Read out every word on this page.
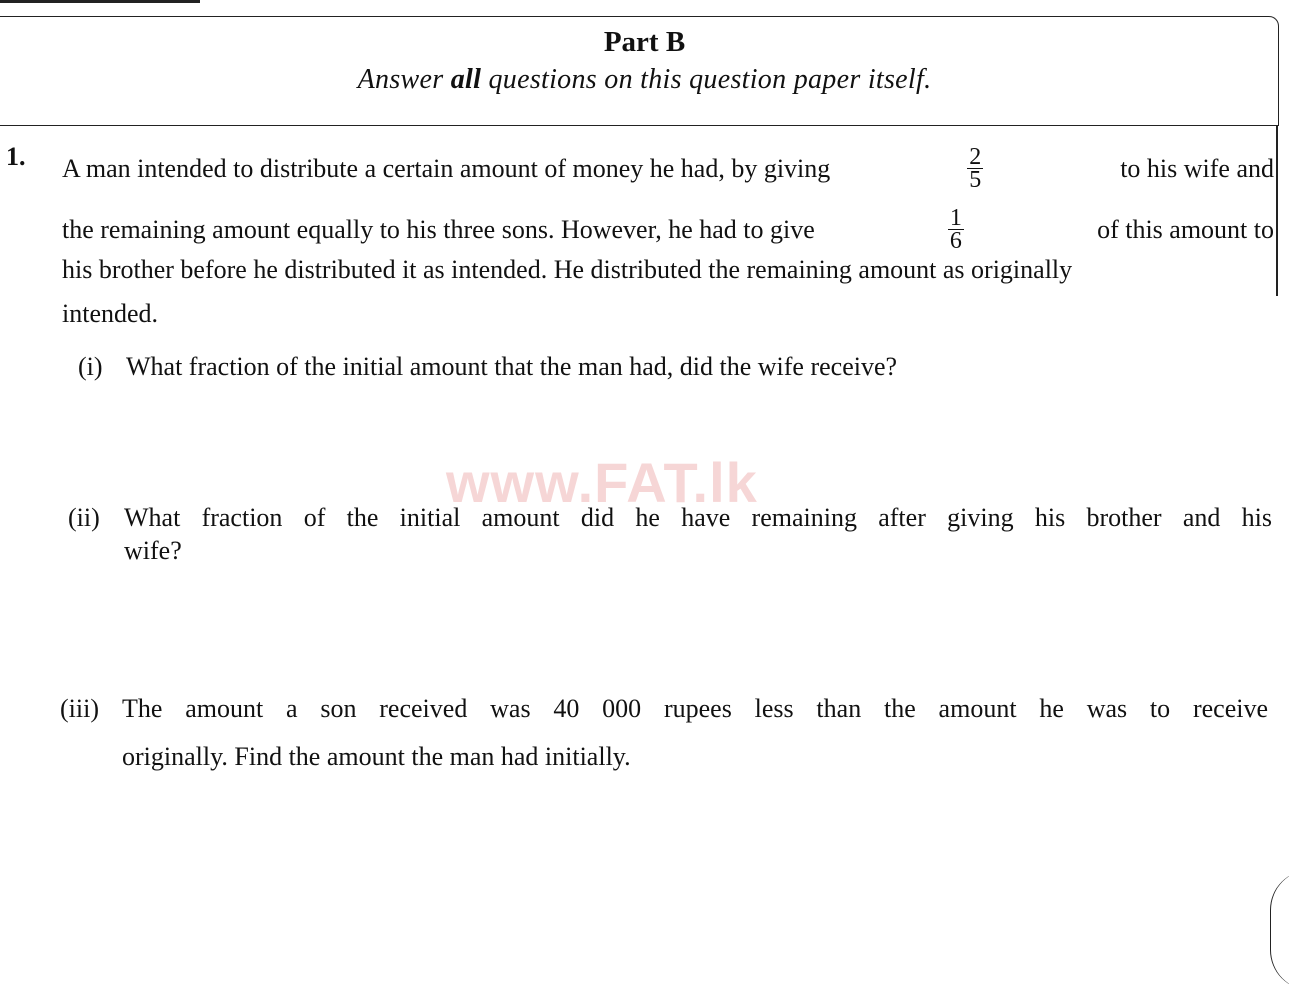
Part B
Answer all questions on this question paper itself.
www.FAT.lk
1. A man intended to distribute a certain amount of money he had, by giving	$\frac{2}{5}$	to his wife and
the remaining amount equally to his three sons. However, he had to give	$\frac{1}{6}$	of this amount to
his brother before he distributed it as intended. He distributed the remaining amount as originally
intended.
(i) What fraction of the initial amount that the man had, did the wife receive?
(ii) What fraction of the initial amount did he have remaining after giving his brother and his
wife?
(iii) The amount a son received was 40 000 rupees less than the amount he was to receive
originally. Find the amount the man had initially.
